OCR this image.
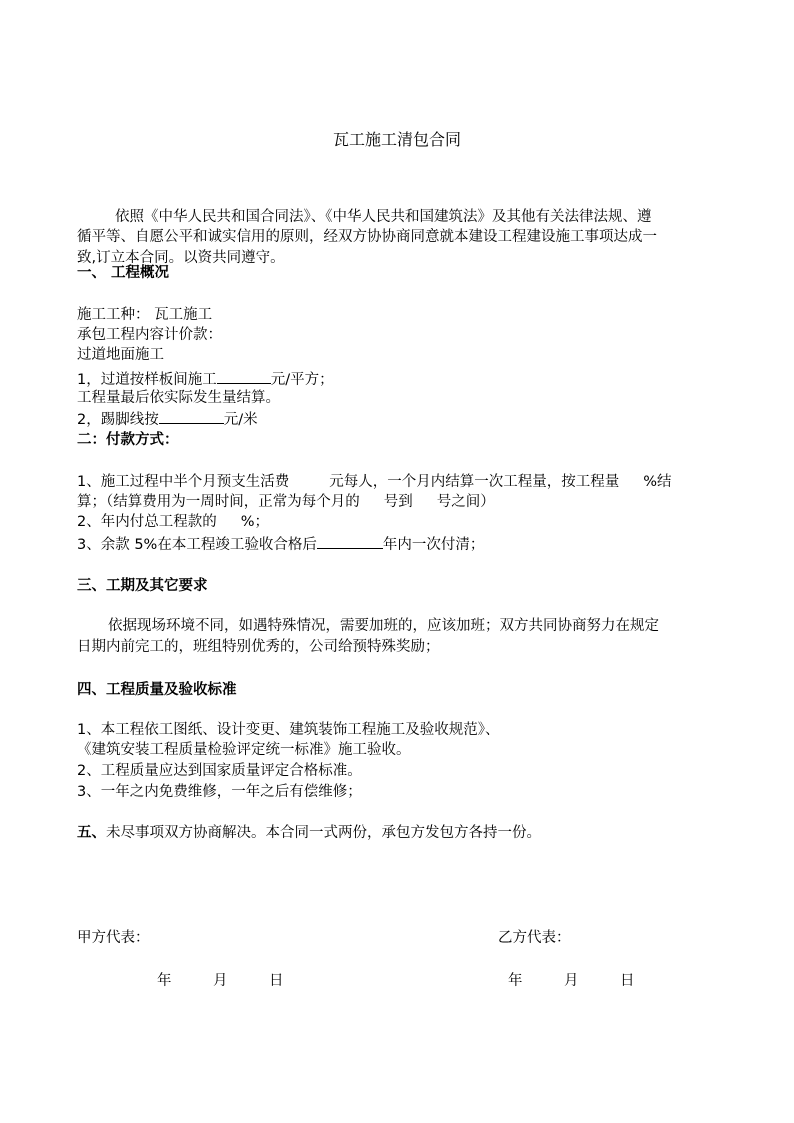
瓦工施工清包合同
依照《中华人民共和国合同法》、《中华人民共和国建筑法》及其他有关法律法规、遵
循平等、自愿公平和诚实信用的原则，经双方协协商同意就本建设工程建设施工事项达成一
致,订立本合同。以资共同遵守。
一、 工程概况
施工工种： 瓦工施工
承包工程内容计价款：
过道地面施工
1，过道按样板间施工	元/平方；
工程量最后依实际发生量结算。
2，踢脚线按	元/米
二：付款方式：
1、施工过程中半个月预支生活费	元每人，一个月内结算一次工程量，按工程量 %结
算；（结算费用为一周时间，正常为每个月的 号到 号之间）
2、年内付总工程款的 %；
3、余款 5%在本工程竣工验收合格后	年内一次付清；
三、工期及其它要求
依据现场环境不同，如遇特殊情况，需要加班的，应该加班；双方共同协商努力在规定
日期内前完工的，班组特别优秀的，公司给预特殊奖励；
四、工程质量及验收标准
1、本工程依工图纸、设计变更、建筑装饰工程施工及验收规范》、
《建筑安装工程质量检验评定统一标准》施工验收。
2、工程质量应达到国家质量评定合格标准。
3、一年之内免费维修，一年之后有偿维修；
五、未尽事项双方协商解决。本合同一式两份，承包方发包方各持一份。
甲方代表：	乙方代表：
年	月	日	年	月	日
